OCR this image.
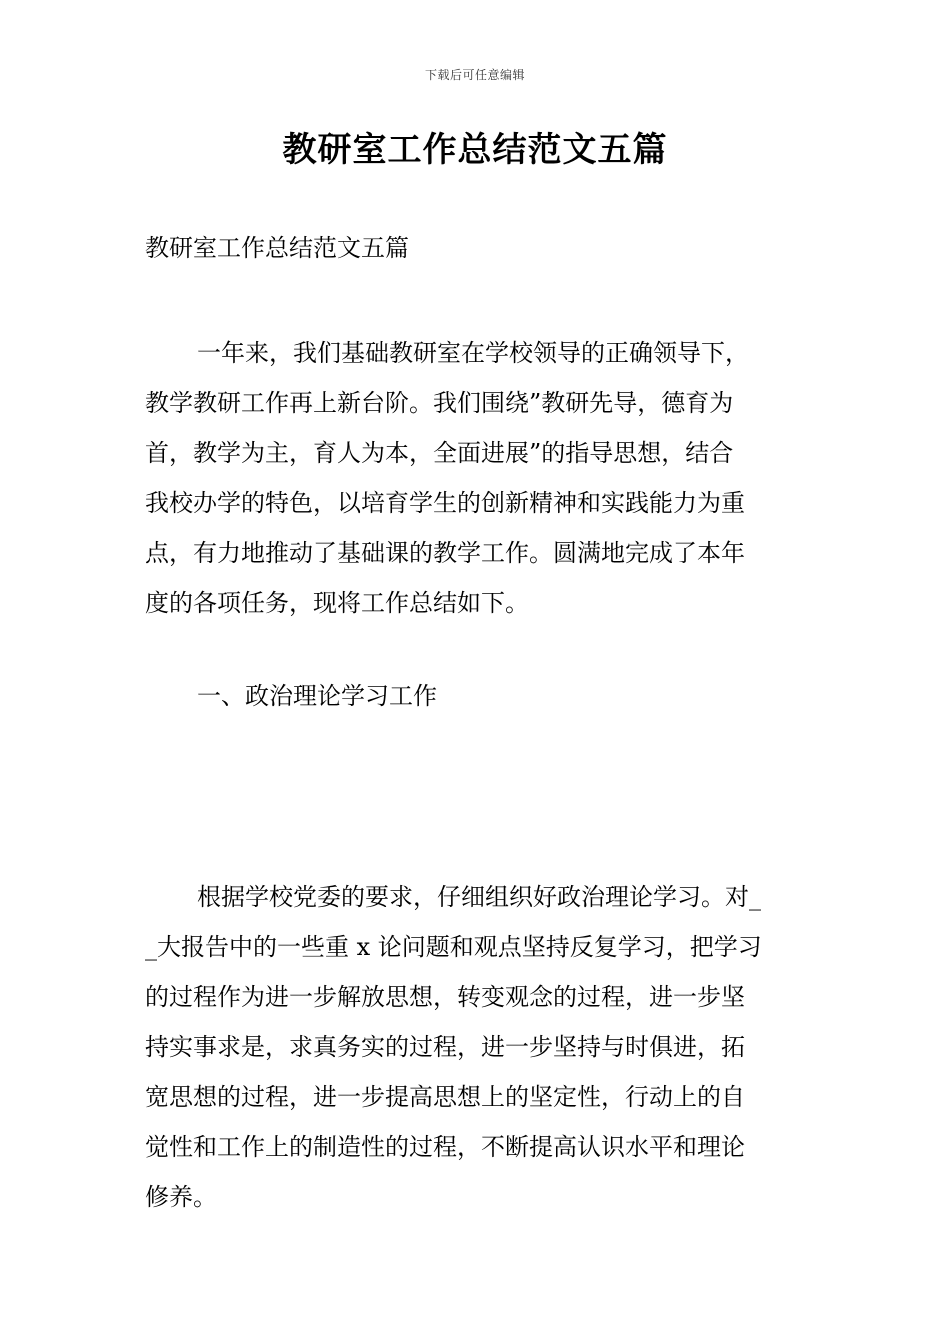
下载后可任意编辑
教研室工作总结范文五篇
教研室工作总结范文五篇
一年来，我们基础教研室在学校领导的正确领导下，
教学教研工作再上新台阶。我们围绕”教研先导，德育为
首，教学为主，育人为本，全面进展”的指导思想，结合
我校办学的特色，以培育学生的创新精神和实践能力为重
点，有力地推动了基础课的教学工作。圆满地完成了本年
度的各项任务，现将工作总结如下。
一、政治理论学习工作
根据学校党委的要求，仔细组织好政治理论学习。对_
_大报告中的一些重 x 论问题和观点坚持反复学习，把学习
的过程作为进一步解放思想，转变观念的过程，进一步坚
持实事求是，求真务实的过程，进一步坚持与时俱进，拓
宽思想的过程，进一步提高思想上的坚定性，行动上的自
觉性和工作上的制造性的过程，不断提高认识水平和理论
修养。
